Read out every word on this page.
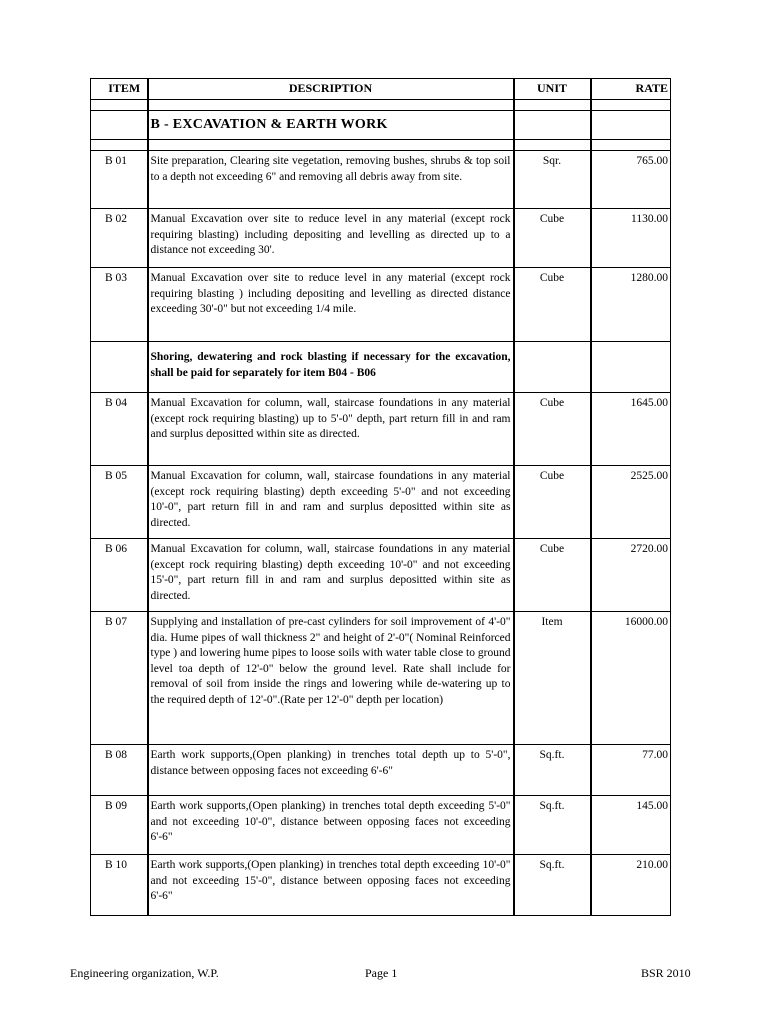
ITEM	DESCRIPTION	UNIT	RATE

	B - EXCAVATION & EARTH WORK		

B 01	Site preparation, Clearing site vegetation, removing bushes, shrubs & top soil to a depth not exceeding 6" and removing all debris away from site.	Sqr.	765.00

B 02	Manual Excavation over site to reduce level in any material (except rock requiring blasting) including depositing and levelling as directed up to a distance not exceeding 30'.	Cube	1130.00

B 03	Manual Excavation over site to reduce level in any material (except rock requiring blasting ) including depositing and levelling as directed distance exceeding 30'-0" but not exceeding 1/4 mile.	Cube	1280.00

	Shoring, dewatering and rock blasting if necessary for the excavation, shall be paid for separately for item B04 - B06		

B 04	Manual Excavation for column, wall, staircase foundations in any material (except rock requiring blasting) up to 5'-0" depth, part return fill in and ram and surplus depositted within site as directed.	Cube	1645.00

B 05	Manual Excavation for column, wall, staircase foundations in any material (except rock requiring blasting) depth exceeding 5'-0" and not exceeding 10'-0", part return fill in and ram and surplus depositted within site as directed.	Cube	2525.00

B 06	Manual Excavation for column, wall, staircase foundations in any material (except rock requiring blasting) depth exceeding 10'-0" and not exceeding 15'-0", part return fill in and ram and surplus depositted within site as directed.	Cube	2720.00

B 07	Supplying and installation of pre-cast cylinders for soil improvement of 4'-0" dia. Hume pipes of wall thickness 2" and height of 2'-0"( Nominal Reinforced type ) and lowering hume pipes to loose soils with water table close to ground level toa depth of 12'-0" below the ground level. Rate shall include for removal of soil from inside the rings and lowering while de-watering up to the required depth of 12'-0".(Rate per 12'-0" depth per location)	Item	16000.00

B 08	Earth work supports,(Open planking) in trenches total depth up to 5'-0", distance between opposing faces not exceeding 6'-6"	Sq.ft.	77.00

B 09	Earth work supports,(Open planking) in trenches total depth exceeding 5'-0" and not exceeding 10'-0", distance between opposing faces not exceeding 6'-6"	Sq.ft.	145.00

B 10	Earth work supports,(Open planking) in trenches total depth exceeding 10'-0" and not exceeding 15'-0", distance between opposing faces not exceeding 6'-6"	Sq.ft.	210.00
Engineering organization, W.P.	Page 1	BSR 2010
